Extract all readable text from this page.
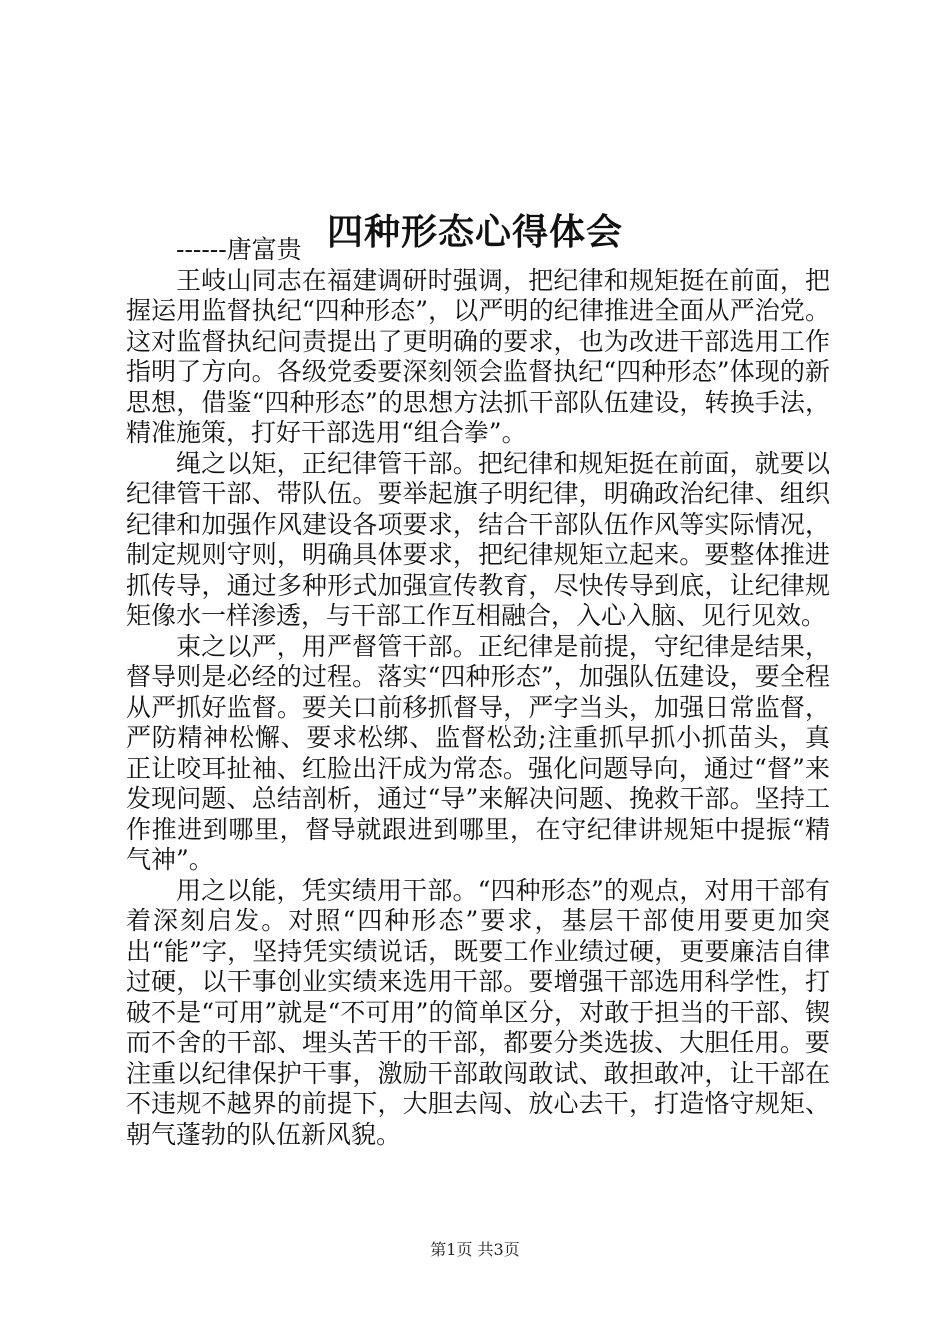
四种形态心得体会

------唐富贵

王岐山同志在福建调研时强调，把纪律和规矩挺在前面，把握运用监督执纪“四种形态”，以严明的纪律推进全面从严治党。这对监督执纪问责提出了更明确的要求，也为改进干部选用工作指明了方向。各级党委要深刻领会监督执纪“四种形态”体现的新思想，借鉴“四种形态”的思想方法抓干部队伍建设，转换手法，精准施策，打好干部选用“组合拳”。

绳之以矩，正纪律管干部。把纪律和规矩挺在前面，就要以纪律管干部、带队伍。要举起旗子明纪律，明确政治纪律、组织纪律和加强作风建设各项要求，结合干部队伍作风等实际情况，制定规则守则，明确具体要求，把纪律规矩立起来。要整体推进抓传导，通过多种形式加强宣传教育，尽快传导到底，让纪律规矩像水一样渗透，与干部工作互相融合，入心入脑、见行见效。

束之以严，用严督管干部。正纪律是前提，守纪律是结果，督导则是必经的过程。落实“四种形态”，加强队伍建设，要全程从严抓好监督。要关口前移抓督导，严字当头，加强日常监督，严防精神松懈、要求松绑、监督松劲;注重抓早抓小抓苗头，真正让咬耳扯袖、红脸出汗成为常态。强化问题导向，通过“督”来发现问题、总结剖析，通过“导”来解决问题、挽救干部。坚持工作推进到哪里，督导就跟进到哪里，在守纪律讲规矩中提振“精气神”。

用之以能，凭实绩用干部。“四种形态”的观点，对用干部有着深刻启发。对照“四种形态”要求，基层干部使用要更加突出“能”字，坚持凭实绩说话，既要工作业绩过硬，更要廉洁自律过硬，以干事创业实绩来选用干部。要增强干部选用科学性，打破不是“可用”就是“不可用”的简单区分，对敢于担当的干部、锲而不舍的干部、埋头苦干的干部，都要分类选拔、大胆任用。要注重以纪律保护干事，激励干部敢闯敢试、敢担敢冲，让干部在不违规不越界的前提下，大胆去闯、放心去干，打造恪守规矩、朝气蓬勃的队伍新风貌。

第1页 共3页
